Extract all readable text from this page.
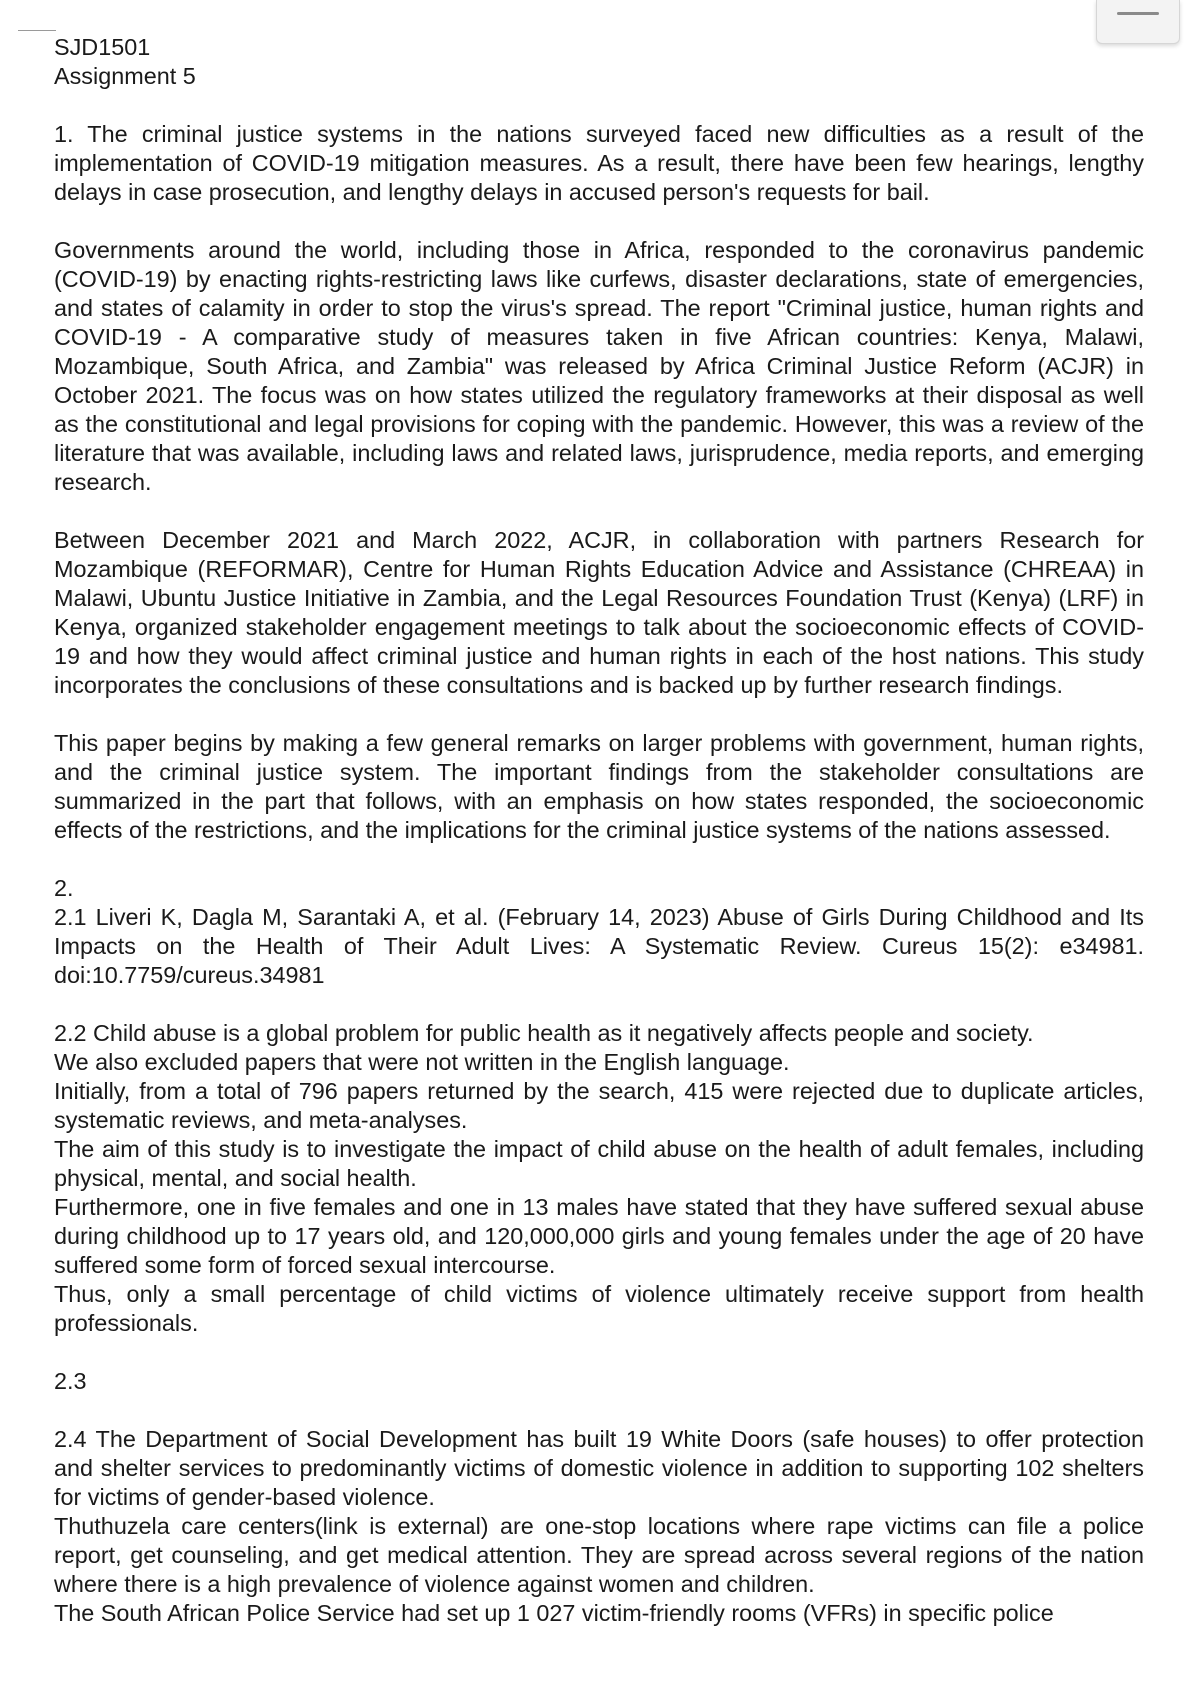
SJD1501

Assignment 5

1. The criminal justice systems in the nations surveyed faced new difficulties as a result of the implementation of COVID-19 mitigation measures. As a result, there have been few hearings, lengthy delays in case prosecution, and lengthy delays in accused person's requests for bail.

Governments around the world, including those in Africa, responded to the coronavirus pandemic (COVID-19) by enacting rights-restricting laws like curfews, disaster declarations, state of emergencies, and states of calamity in order to stop the virus's spread. The report "Criminal justice, human rights and COVID-19 - A comparative study of measures taken in five African countries: Kenya, Malawi, Mozambique, South Africa, and Zambia" was released by Africa Criminal Justice Reform (ACJR) in October 2021. The focus was on how states utilized the regulatory frameworks at their disposal as well as the constitutional and legal provisions for coping with the pandemic. However, this was a review of the literature that was available, including laws and related laws, jurisprudence, media reports, and emerging research.

Between December 2021 and March 2022, ACJR, in collaboration with partners Research for Mozambique (REFORMAR), Centre for Human Rights Education Advice and Assistance (CHREAA) in Malawi, Ubuntu Justice Initiative in Zambia, and the Legal Resources Foundation Trust (Kenya) (LRF) in Kenya, organized stakeholder engagement meetings to talk about the socioeconomic effects of COVID-19 and how they would affect criminal justice and human rights in each of the host nations. This study incorporates the conclusions of these consultations and is backed up by further research findings.

This paper begins by making a few general remarks on larger problems with government, human rights, and the criminal justice system. The important findings from the stakeholder consultations are summarized in the part that follows, with an emphasis on how states responded, the socioeconomic effects of the restrictions, and the implications for the criminal justice systems of the nations assessed.

2.

2.1 Liveri K, Dagla M, Sarantaki A, et al. (February 14, 2023) Abuse of Girls During Childhood and Its Impacts on the Health of Their Adult Lives: A Systematic Review. Cureus 15(2): e34981. doi:10.7759/cureus.34981

2.2 Child abuse is a global problem for public health as it negatively affects people and society.

We also excluded papers that were not written in the English language.

Initially, from a total of 796 papers returned by the search, 415 were rejected due to duplicate articles, systematic reviews, and meta-analyses.

The aim of this study is to investigate the impact of child abuse on the health of adult females, including physical, mental, and social health.

Furthermore, one in five females and one in 13 males have stated that they have suffered sexual abuse during childhood up to 17 years old, and 120,000,000 girls and young females under the age of 20 have suffered some form of forced sexual intercourse.

Thus, only a small percentage of child victims of violence ultimately receive support from health professionals.

2.3

2.4 The Department of Social Development has built 19 White Doors (safe houses) to offer protection and shelter services to predominantly victims of domestic violence in addition to supporting 102 shelters for victims of gender-based violence.

Thuthuzela care centers(link is external) are one-stop locations where rape victims can file a police report, get counseling, and get medical attention. They are spread across several regions of the nation where there is a high prevalence of violence against women and children.

The South African Police Service had set up 1 027 victim-friendly rooms (VFRs) in specific police
